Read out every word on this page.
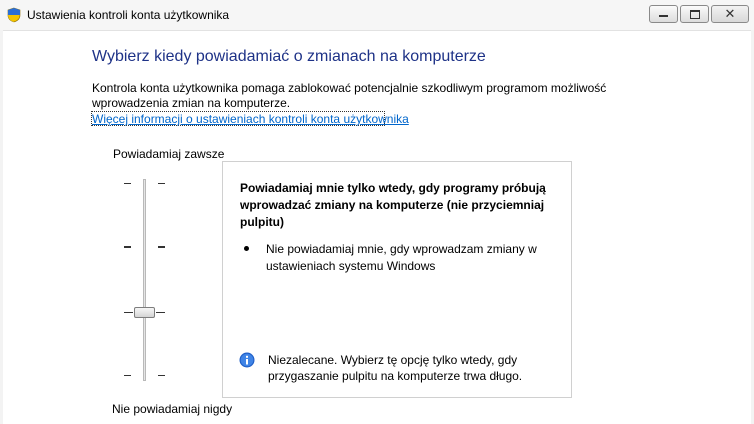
Ustawienia kontroli konta użytkownika	✕
Wybierz kiedy powiadamiać o zmianach na komputerze
Kontrola konta użytkownika pomaga zablokować potencjalnie szkodliwym programom możliwość wprowadzenia zmian na komputerze.
Więcej informacji o ustawieniach kontroli konta użytkownika
Powiadamiaj zawsze
Nie powiadamiaj nigdy
Powiadamiaj mnie tylko wtedy, gdy programy próbują wprowadzać zmiany na komputerze (nie przyciemniaj pulpitu)
Nie powiadamiaj mnie, gdy wprowadzam zmiany w ustawieniach systemu Windows
Niezalecane. Wybierz tę opcję tylko wtedy, gdy przygaszanie pulpitu na komputerze trwa długo.
